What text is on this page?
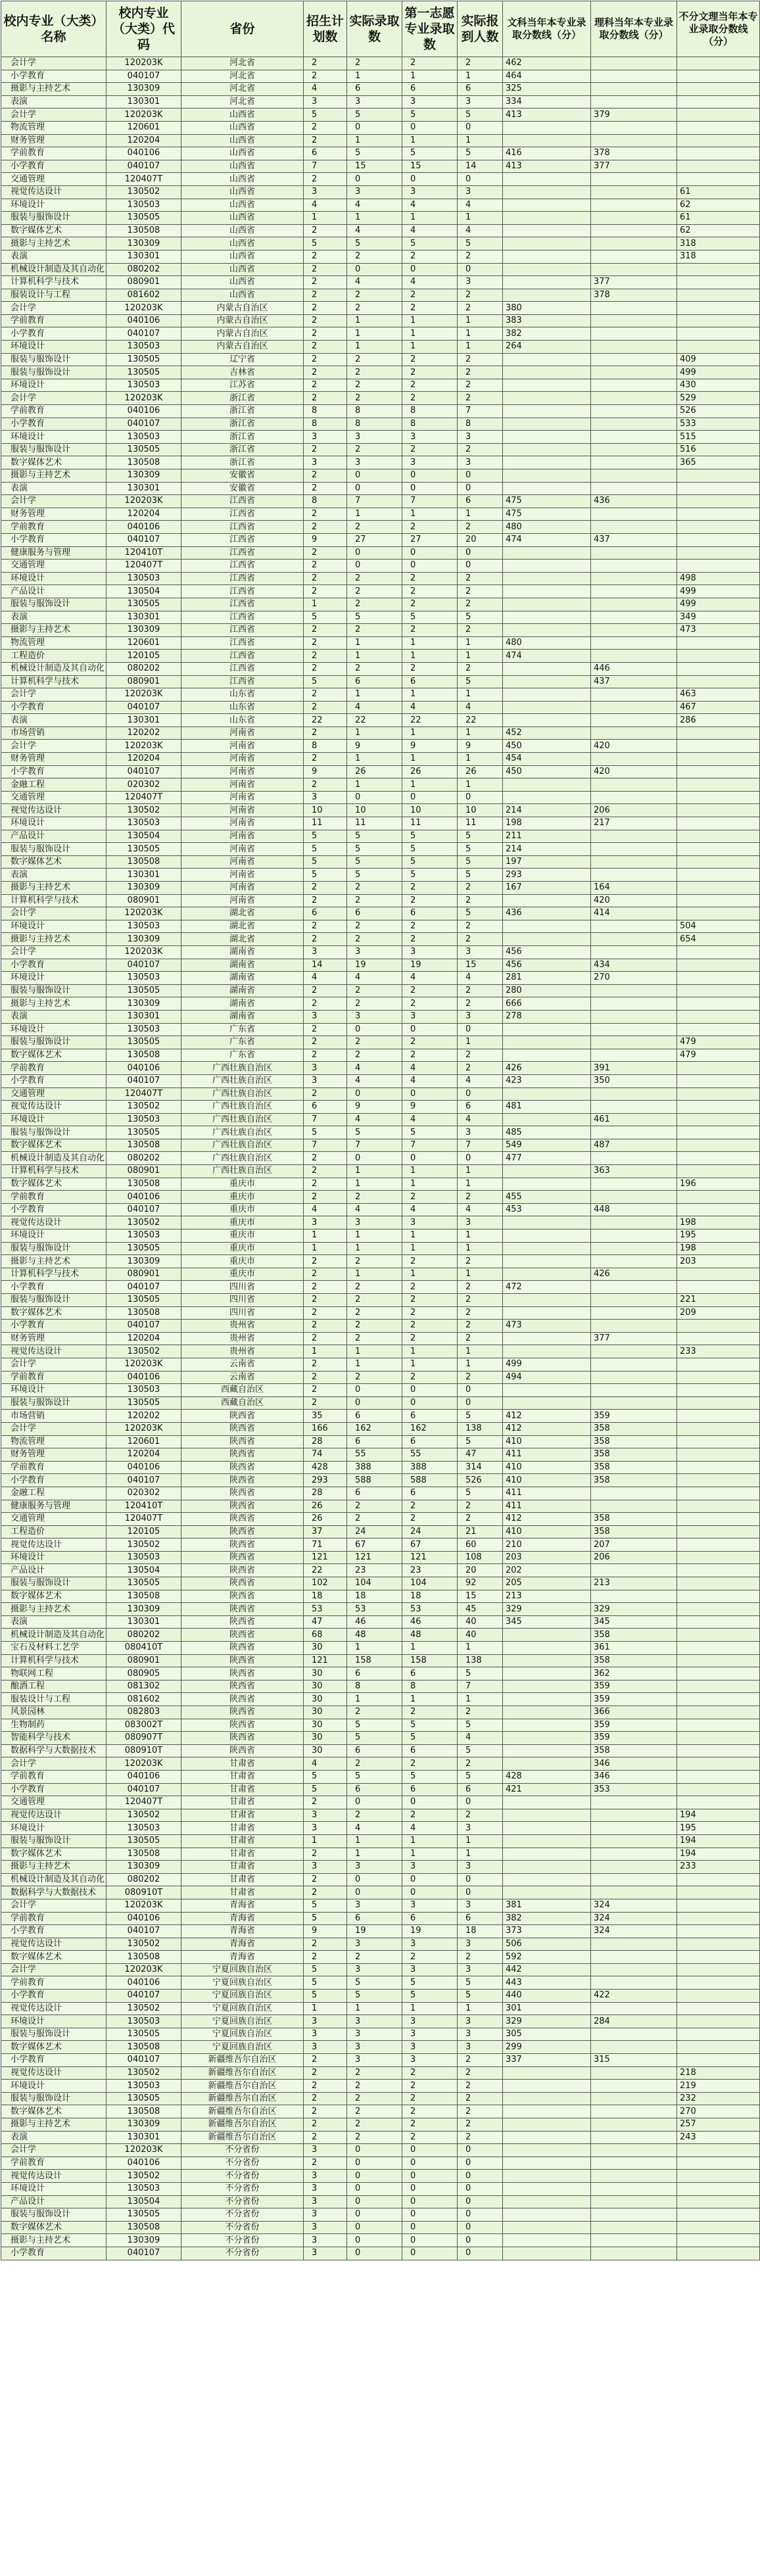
校内专业（大类）名称	校内专业（大类）代码	省份	招生计划数	实际录取数	第一志愿专业录取数	实际报到人数	文科当年本专业录取分数线（分）	理科当年本专业录取分数线（分）	不分文理当年本专业录取分数线（分）
会计学	120203K	河北省	2	2	2	2	462		
小学教育	040107	河北省	2	1	1	1	464		
摄影与主持艺术	130309	河北省	4	6	6	6	325		
表演	130301	河北省	3	3	3	3	334		
会计学	120203K	山西省	5	5	5	5	413	379	
物流管理	120601	山西省	2	0	0	0			
财务管理	120204	山西省	2	1	1	1			
学前教育	040106	山西省	6	5	5	5	416	378	
小学教育	040107	山西省	7	15	15	14	413	377	
交通管理	120407T	山西省	2	0	0	0			
视觉传达设计	130502	山西省	3	3	3	3			61
环境设计	130503	山西省	4	4	4	4			62
服装与服饰设计	130505	山西省	1	1	1	1			61
数字媒体艺术	130508	山西省	2	4	4	4			62
摄影与主持艺术	130309	山西省	5	5	5	5			318
表演	130301	山西省	2	2	2	2			318
机械设计制造及其自动化	080202	山西省	2	0	0	0			
计算机科学与技术	080901	山西省	2	4	4	3		377	
服装设计与工程	081602	山西省	2	2	2	2		378	
会计学	120203K	内蒙古自治区	2	2	2	2	380		
学前教育	040106	内蒙古自治区	2	1	1	1	383		
小学教育	040107	内蒙古自治区	2	1	1	1	382		
环境设计	130503	内蒙古自治区	2	1	1	1	264		
服装与服饰设计	130505	辽宁省	2	2	2	2			409
服装与服饰设计	130505	吉林省	2	2	2	2			499
环境设计	130503	江苏省	2	2	2	2			430
会计学	120203K	浙江省	2	2	2	2			529
学前教育	040106	浙江省	8	8	8	7			526
小学教育	040107	浙江省	8	8	8	8			533
环境设计	130503	浙江省	3	3	3	3			515
服装与服饰设计	130505	浙江省	2	2	2	2			516
数字媒体艺术	130508	浙江省	3	3	3	3			365
摄影与主持艺术	130309	安徽省	2	0	0	0			
表演	130301	安徽省	2	0	0	0			
会计学	120203K	江西省	8	7	7	6	475	436	
财务管理	120204	江西省	2	1	1	1	475		
学前教育	040106	江西省	2	2	2	2	480		
小学教育	040107	江西省	9	27	27	20	474	437	
健康服务与管理	120410T	江西省	2	0	0	0			
交通管理	120407T	江西省	2	0	0	0			
环境设计	130503	江西省	2	2	2	2			498
产品设计	130504	江西省	2	2	2	2			499
服装与服饰设计	130505	江西省	1	2	2	2			499
表演	130301	江西省	5	5	5	5			349
摄影与主持艺术	130309	江西省	2	2	2	2			473
物流管理	120601	江西省	2	1	1	1	480		
工程造价	120105	江西省	2	1	1	1	474		
机械设计制造及其自动化	080202	江西省	2	2	2	2		446	
计算机科学与技术	080901	江西省	5	6	6	5		437	
会计学	120203K	山东省	2	1	1	1			463
小学教育	040107	山东省	2	4	4	4			467
表演	130301	山东省	22	22	22	22			286
市场营销	120202	河南省	2	1	1	1	452		
会计学	120203K	河南省	8	9	9	9	450	420	
财务管理	120204	河南省	2	1	1	1	454		
小学教育	040107	河南省	9	26	26	26	450	420	
金融工程	020302	河南省	2	1	1	1			
交通管理	120407T	河南省	3	0	0	0			
视觉传达设计	130502	河南省	10	10	10	10	214	206	
环境设计	130503	河南省	11	11	11	11	198	217	
产品设计	130504	河南省	5	5	5	5	211		
服装与服饰设计	130505	河南省	5	5	5	5	214		
数字媒体艺术	130508	河南省	5	5	5	5	197		
表演	130301	河南省	5	5	5	5	293		
摄影与主持艺术	130309	河南省	2	2	2	2	167	164	
计算机科学与技术	080901	河南省	2	2	2	2		420	
会计学	120203K	湖北省	6	6	6	5	436	414	
环境设计	130503	湖北省	2	2	2	2			504
摄影与主持艺术	130309	湖北省	2	2	2	2			654
会计学	120203K	湖南省	3	3	3	3	456		
小学教育	040107	湖南省	14	19	19	15	456	434	
环境设计	130503	湖南省	4	4	4	4	281	270	
服装与服饰设计	130505	湖南省	2	2	2	2	280		
摄影与主持艺术	130309	湖南省	2	2	2	2	666		
表演	130301	湖南省	3	3	3	3	278		
环境设计	130503	广东省	2	0	0	0			
服装与服饰设计	130505	广东省	2	2	2	1			479
数字媒体艺术	130508	广东省	2	2	2	2			479
学前教育	040106	广西壮族自治区	3	4	4	2	426	391	
小学教育	040107	广西壮族自治区	3	4	4	4	423	350	
交通管理	120407T	广西壮族自治区	2	0	0	0			
视觉传达设计	130502	广西壮族自治区	6	9	9	6	481		
环境设计	130503	广西壮族自治区	7	4	4	4		461	
服装与服饰设计	130505	广西壮族自治区	5	5	5	3	485		
数字媒体艺术	130508	广西壮族自治区	7	7	7	7	549	487	
机械设计制造及其自动化	080202	广西壮族自治区	2	0	0	0	477		
计算机科学与技术	080901	广西壮族自治区	2	1	1	1		363	
数字媒体艺术	130508	重庆市	2	1	1	1			196
学前教育	040106	重庆市	2	2	2	2	455		
小学教育	040107	重庆市	4	4	4	4	453	448	
视觉传达设计	130502	重庆市	3	3	3	3			198
环境设计	130503	重庆市	1	1	1	1			195
服装与服饰设计	130505	重庆市	1	1	1	1			198
摄影与主持艺术	130309	重庆市	2	2	2	2			203
计算机科学与技术	080901	重庆市	2	1	1	1		426	
小学教育	040107	四川省	2	2	2	2	472		
服装与服饰设计	130505	四川省	2	2	2	2			221
数字媒体艺术	130508	四川省	2	2	2	2			209
小学教育	040107	贵州省	2	2	2	2	473		
财务管理	120204	贵州省	2	2	2	2		377	
视觉传达设计	130502	贵州省	1	1	1	1			233
会计学	120203K	云南省	2	1	1	1	499		
学前教育	040106	云南省	2	2	2	2	494		
环境设计	130503	西藏自治区	2	0	0	0			
服装与服饰设计	130505	西藏自治区	2	0	0	0			
市场营销	120202	陕西省	35	6	6	5	412	359	
会计学	120203K	陕西省	166	162	162	138	412	358	
物流管理	120601	陕西省	28	6	6	5	410	358	
财务管理	120204	陕西省	74	55	55	47	411	358	
学前教育	040106	陕西省	428	388	388	314	410	358	
小学教育	040107	陕西省	293	588	588	526	410	358	
金融工程	020302	陕西省	28	6	6	5	411		
健康服务与管理	120410T	陕西省	26	2	2	2	411		
交通管理	120407T	陕西省	26	2	2	2	412	358	
工程造价	120105	陕西省	37	24	24	21	410	358	
视觉传达设计	130502	陕西省	71	67	67	60	210	207	
环境设计	130503	陕西省	121	121	121	108	203	206	
产品设计	130504	陕西省	22	23	23	20	202		
服装与服饰设计	130505	陕西省	102	104	104	92	205	213	
数字媒体艺术	130508	陕西省	18	18	18	15	213		
摄影与主持艺术	130309	陕西省	53	53	53	45	329	329	
表演	130301	陕西省	47	46	46	40	345	345	
机械设计制造及其自动化	080202	陕西省	68	48	48	40		358	
宝石及材料工艺学	080410T	陕西省	30	1	1	1		361	
计算机科学与技术	080901	陕西省	121	158	158	138		358	
物联网工程	080905	陕西省	30	6	6	5		362	
酿酒工程	081302	陕西省	30	8	8	7		359	
服装设计与工程	081602	陕西省	30	1	1	1		359	
风景园林	082803	陕西省	30	2	2	2		366	
生物制药	083002T	陕西省	30	5	5	5		359	
智能科学与技术	080907T	陕西省	30	5	5	4		359	
数据科学与大数据技术	080910T	陕西省	30	6	6	5		358	
会计学	120203K	甘肃省	4	2	2	2		346	
学前教育	040106	甘肃省	5	5	5	5	428	346	
小学教育	040107	甘肃省	5	6	6	6	421	353	
交通管理	120407T	甘肃省	2	0	0	0			
视觉传达设计	130502	甘肃省	3	2	2	2			194
环境设计	130503	甘肃省	3	4	4	3			195
服装与服饰设计	130505	甘肃省	1	1	1	1			194
数字媒体艺术	130508	甘肃省	2	1	1	1			194
摄影与主持艺术	130309	甘肃省	3	3	3	3			233
机械设计制造及其自动化	080202	甘肃省	2	0	0	0			
数据科学与大数据技术	080910T	甘肃省	2	0	0	0			
会计学	120203K	青海省	5	3	3	3	381	324	
学前教育	040106	青海省	5	6	6	6	382	324	
小学教育	040107	青海省	9	19	19	18	373	324	
视觉传达设计	130502	青海省	2	3	3	3	506		
数字媒体艺术	130508	青海省	2	2	2	2	592		
会计学	120203K	宁夏回族自治区	5	3	3	3	442		
学前教育	040106	宁夏回族自治区	5	5	5	5	443		
小学教育	040107	宁夏回族自治区	5	5	5	5	440	422	
视觉传达设计	130502	宁夏回族自治区	1	1	1	1	301		
环境设计	130503	宁夏回族自治区	3	3	3	3	329	284	
服装与服饰设计	130505	宁夏回族自治区	3	3	3	3	305		
数字媒体艺术	130508	宁夏回族自治区	3	3	3	3	299		
小学教育	040107	新疆维吾尔自治区	2	3	3	2	337	315	
视觉传达设计	130502	新疆维吾尔自治区	2	2	2	2			218
环境设计	130503	新疆维吾尔自治区	2	2	2	2			219
服装与服饰设计	130505	新疆维吾尔自治区	2	2	2	2			232
数字媒体艺术	130508	新疆维吾尔自治区	2	2	2	2			270
摄影与主持艺术	130309	新疆维吾尔自治区	2	2	2	2			257
表演	130301	新疆维吾尔自治区	2	2	2	2			243
会计学	120203K	不分省份	3	0	0	0			
学前教育	040106	不分省份	2	0	0	0			
视觉传达设计	130502	不分省份	3	0	0	0			
环境设计	130503	不分省份	3	0	0	0			
产品设计	130504	不分省份	3	0	0	0			
服装与服饰设计	130505	不分省份	3	0	0	0			
数字媒体艺术	130508	不分省份	3	0	0	0			
摄影与主持艺术	130309	不分省份	3	0	0	0			
小学教育	040107	不分省份	3	0	0	0			
